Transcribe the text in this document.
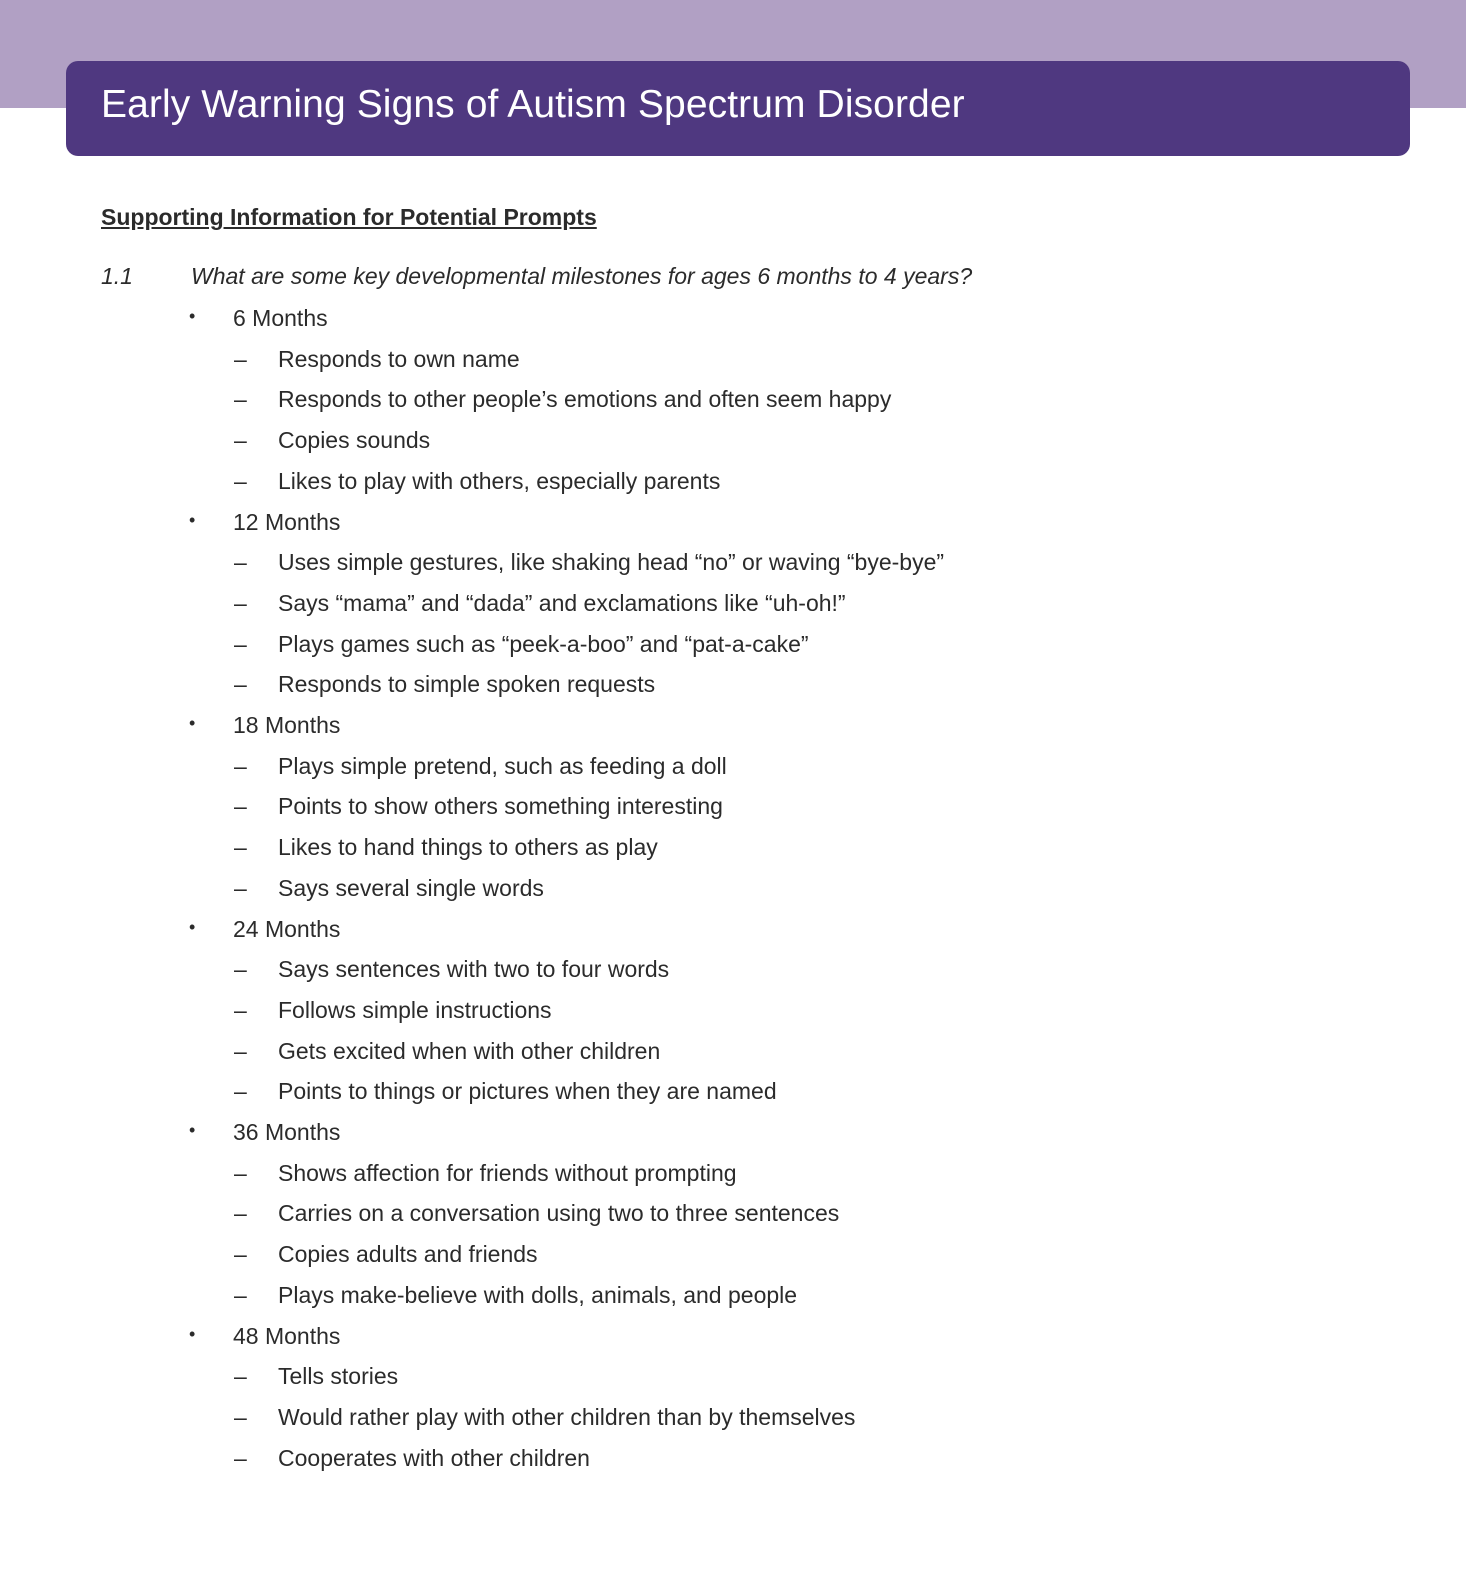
Early Warning Signs of Autism Spectrum Disorder
Supporting Information for Potential Prompts
1.1	What are some key developmental milestones for ages 6 months to 4 years?
• 6 Months
– Responds to own name
– Responds to other people’s emotions and often seem happy
– Copies sounds
– Likes to play with others, especially parents
• 12 Months
– Uses simple gestures, like shaking head “no” or waving “bye-bye”
– Says “mama” and “dada” and exclamations like “uh-oh!”
– Plays games such as “peek-a-boo” and “pat-a-cake”
– Responds to simple spoken requests
• 18 Months
– Plays simple pretend, such as feeding a doll
– Points to show others something interesting
– Likes to hand things to others as play
– Says several single words
• 24 Months
– Says sentences with two to four words
– Follows simple instructions
– Gets excited when with other children
– Points to things or pictures when they are named
• 36 Months
– Shows affection for friends without prompting
– Carries on a conversation using two to three sentences
– Copies adults and friends
– Plays make-believe with dolls, animals, and people
• 48 Months
– Tells stories
– Would rather play with other children than by themselves
– Cooperates with other children
